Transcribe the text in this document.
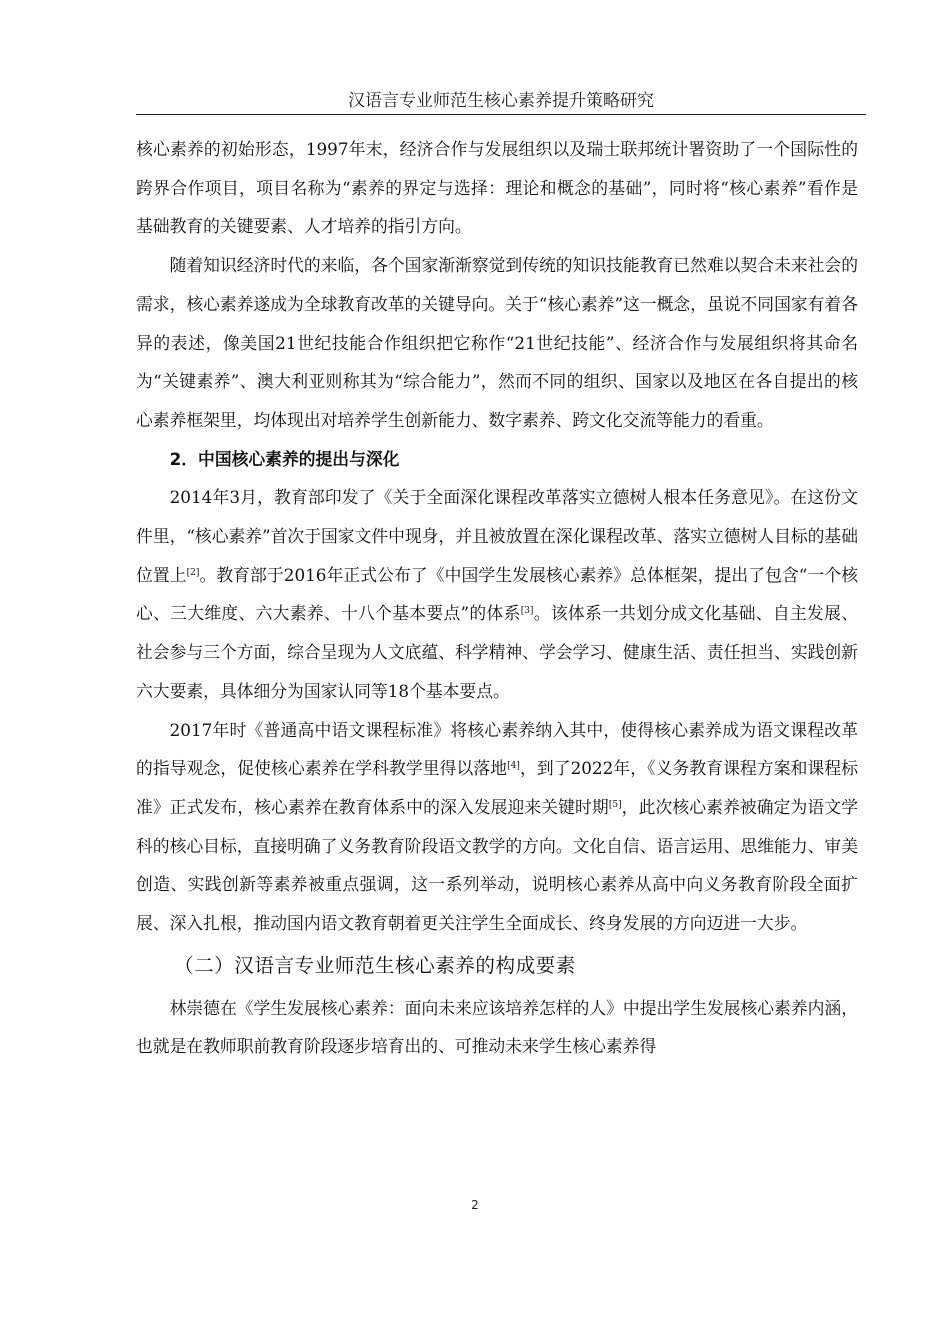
汉语言专业师范生核心素养提升策略研究

核心素养的初始形态，1997年末，经济合作与发展组织以及瑞士联邦统计署资助了一个国际性的跨界合作项目，项目名称为“素养的界定与选择：理论和概念的基础”，同时将“核心素养”看作是基础教育的关键要素、人才培养的指引方向。

随着知识经济时代的来临，各个国家渐渐察觉到传统的知识技能教育已然难以契合未来社会的需求，核心素养遂成为全球教育改革的关键导向。关于“核心素养”这一概念，虽说不同国家有着各异的表述，像美国21世纪技能合作组织把它称作“21世纪技能”、经济合作与发展组织将其命名为“关键素养”、澳大利亚则称其为“综合能力”，然而不同的组织、国家以及地区在各自提出的核心素养框架里，均体现出对培养学生创新能力、数字素养、跨文化交流等能力的看重。

2．中国核心素养的提出与深化

2014年3月，教育部印发了《关于全面深化课程改革落实立德树人根本任务意见》。在这份文件里，“核心素养”首次于国家文件中现身，并且被放置在深化课程改革、落实立德树人目标的基础位置上[2]。教育部于2016年正式公布了《中国学生发展核心素养》总体框架，提出了包含“一个核心、三大维度、六大素养、十八个基本要点”的体系[3]。该体系一共划分成文化基础、自主发展、社会参与三个方面，综合呈现为人文底蕴、科学精神、学会学习、健康生活、责任担当、实践创新六大要素，具体细分为国家认同等18个基本要点。

2017年时《普通高中语文课程标准》将核心素养纳入其中，使得核心素养成为语文课程改革的指导观念，促使核心素养在学科教学里得以落地[4]，到了2022年，《义务教育课程方案和课程标准》正式发布，核心素养在教育体系中的深入发展迎来关键时期[5]，此次核心素养被确定为语文学科的核心目标，直接明确了义务教育阶段语文教学的方向。文化自信、语言运用、思维能力、审美创造、实践创新等素养被重点强调，这一系列举动，说明核心素养从高中向义务教育阶段全面扩展、深入扎根，推动国内语文教育朝着更关注学生全面成长、终身发展的方向迈进一大步。

（二）汉语言专业师范生核心素养的构成要素

林崇德在《学生发展核心素养：面向未来应该培养怎样的人》中提出学生发展核心素养内涵，也就是在教师职前教育阶段逐步培育出的、可推动未来学生核心素养得

2
